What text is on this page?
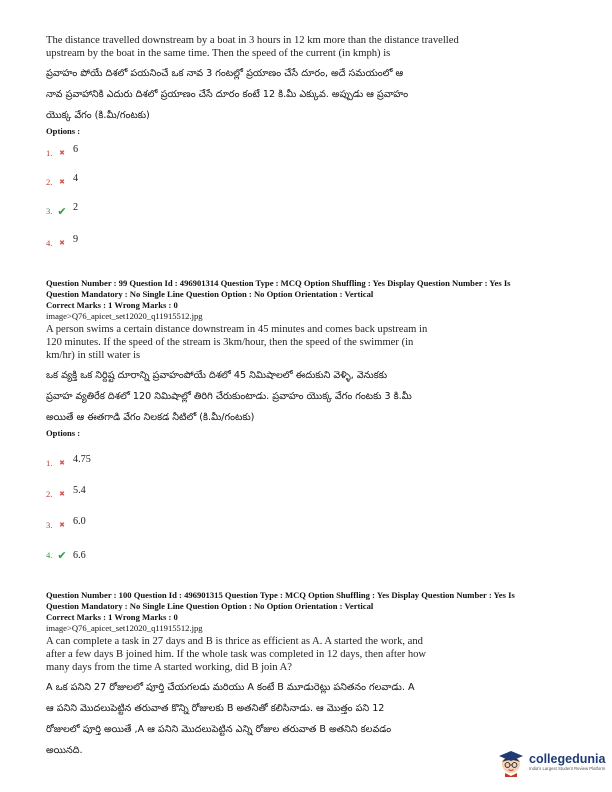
The distance travelled downstream by a boat in 3 hours in 12 km more than the distance travelled upstream by the boat in the same time. Then the speed of the current (in kmph) is

ప్రవాహం పోయే దిశలో పయనించే ఒక నావ 3 గంటల్లో ప్రయాణం చేసే దూరం, అదే సమయంలో ఆ

నావ ప్రవాహానికి ఎదురు దిశలో ప్రయాణం చేసే దూరం కంటే 12 కి.మీ ఎక్కువ. అప్పుడు ఆ ప్రవాహం

యొక్క వేగం (కి.మీ/గంటకు)

Options :

1. ✖ 6
2. ✖ 4
3. ✔ 2
4. ✖ 9

Question Number : 99 Question Id : 496901314 Question Type : MCQ Option Shuffling : Yes Display Question Number : Yes Is

Question Mandatory : No Single Line Question Option : No Option Orientation : Vertical

Correct Marks : 1 Wrong Marks : 0

image>Q76_apicet_set12020_q11915512.jpg

A person swims a certain distance downstream in 45 minutes and comes back upstream in

120 minutes. If the speed of the stream is 3km/hour, then the speed of the swimmer (in

km/hr) in still water is

ఒక వ్యక్తి ఒక నిర్దిష్ట దూరాన్ని ప్రవాహంపోయే దిశలో 45 నిమిషాలలో ఈదుకుని వెళ్ళి, వెనుకకు

ప్రవాహ వ్యతిరేక దిశలో 120 నిమిషాల్లో తిరిగి చేరుకుంటాడు. ప్రవాహం యొక్క వేగం గంటకు 3 కి.మీ

అయితే ఆ ఈతగాడి వేగం నిలకడ నీటిలో (కి.మీ/గంటకు)

Options :

1. ✖ 4.75
2. ✖ 5.4
3. ✖ 6.0
4. ✔ 6.6

Question Number : 100 Question Id : 496901315 Question Type : MCQ Option Shuffling : Yes Display Question Number : Yes Is

Question Mandatory : No Single Line Question Option : No Option Orientation : Vertical

Correct Marks : 1 Wrong Marks : 0

image>Q76_apicet_set12020_q11915512.jpg

A can complete a task in 27 days and B is thrice as efficient as A. A started the work, and

after a few days B joined him. If the whole task was completed in 12 days, then after how

many days from the time A started working, did B join A?

A ఒక పనిని 27 రోజులలో పూర్తి చేయగలడు మరియు A కంటే B మూడురెట్లు పనితనం గలవాడు. A

ఆ పనిని మొదలుపెట్టిన తరువాత కొన్ని రోజులకు B అతనితో కలిసినాడు. ఆ మొత్తం పని 12

రోజులలో పూర్తి అయితే ,A ఆ పనిని మొదలుపెట్టిన ఎన్ని రోజుల తరువాత B అతనిని కలవడం

అయినది.

collegedunia
India's Largest Student Review Platform
